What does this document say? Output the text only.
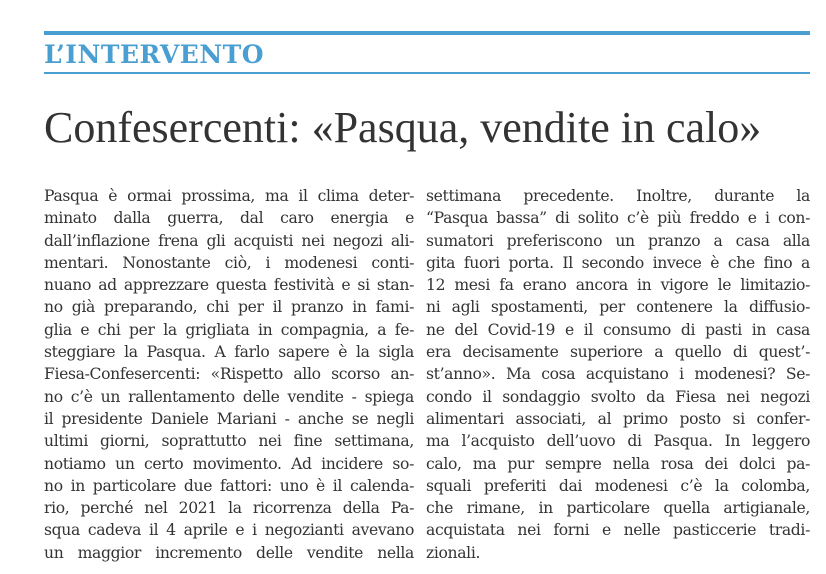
L’INTERVENTO
Confesercenti: «Pasqua, vendite in calo»
Pasqua è ormai prossima, ma il clima deter-
minato dalla guerra, dal caro energia e
dall’inflazione frena gli acquisti nei negozi ali-
mentari. Nonostante ciò, i modenesi conti-
nuano ad apprezzare questa festività e si stan-
no già preparando, chi per il pranzo in fami-
glia e chi per la grigliata in compagnia, a fe-
steggiare la Pasqua. A farlo sapere è la sigla
Fiesa-Confesercenti: «Rispetto allo scorso an-
no c’è un rallentamento delle vendite - spiega
il presidente Daniele Mariani - anche se negli
ultimi giorni, soprattutto nei fine settimana,
notiamo un certo movimento. Ad incidere so-
no in particolare due fattori: uno è il calenda-
rio, perché nel 2021 la ricorrenza della Pa-
squa cadeva il 4 aprile e i negozianti avevano
un maggior incremento delle vendite nella
settimana precedente. Inoltre, durante la
“Pasqua bassa” di solito c’è più freddo e i con-
sumatori preferiscono un pranzo a casa alla
gita fuori porta. Il secondo invece è che fino a
12 mesi fa erano ancora in vigore le limitazio-
ni agli spostamenti, per contenere la diffusio-
ne del Covid-19 e il consumo di pasti in casa
era decisamente superiore a quello di quest’-
st’anno». Ma cosa acquistano i modenesi? Se-
condo il sondaggio svolto da Fiesa nei negozi
alimentari associati, al primo posto si confer-
ma l’acquisto dell’uovo di Pasqua. In leggero
calo, ma pur sempre nella rosa dei dolci pa-
squali preferiti dai modenesi c’è la colomba,
che rimane, in particolare quella artigianale,
acquistata nei forni e nelle pasticcerie tradi-
zionali.
